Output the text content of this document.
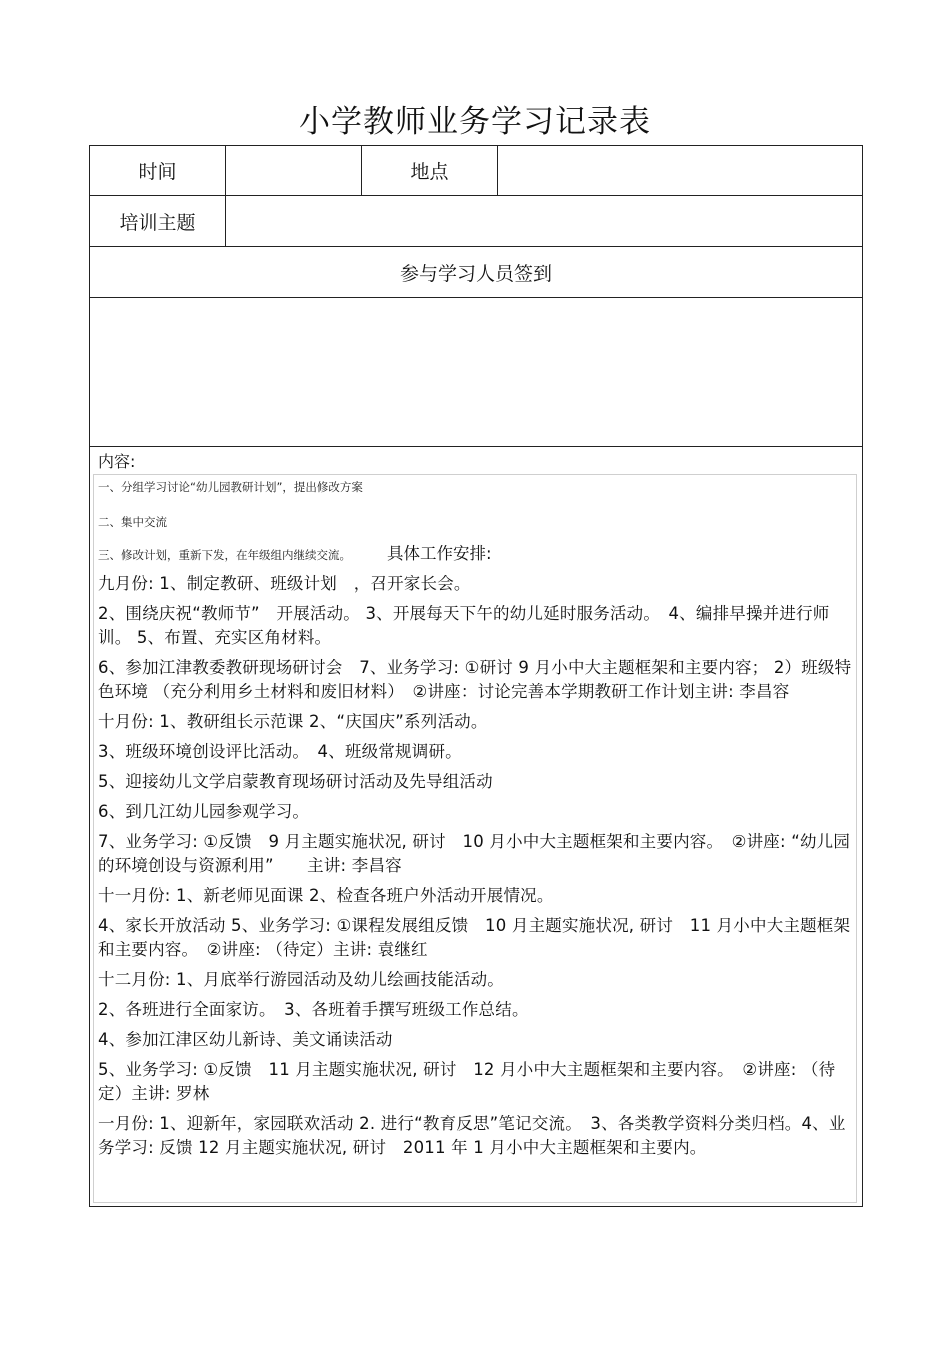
小学教师业务学习记录表
时间	地点
培训主题
参与学习人员签到
内容:

一、分组学习讨论“幼儿园教研计划”，提出修改方案

二、集中交流

三、修改计划，重新下发，在年级组内继续交流。 具体工作安排:

九月份: 1、制定教研、班级计划　，召开家长会。

2、围绕庆祝“教师节”　开展活动。 3、开展每天下午的幼儿延时服务活动。　4、编排早操并进行师训。 5、布置、充实区角材料。

6、参加江津教委教研现场研讨会　7、业务学习: ①研讨 9 月小中大主题框架和主要内容； 2）班级特色环境 （充分利用乡土材料和废旧材料）　②讲座：讨论完善本学期教研工作计划主讲: 李昌容

十月份: 1、教研组长示范课 2、“庆国庆”系列活动。

3、班级环境创设评比活动。　4、班级常规调研。

5、迎接幼儿文学启蒙教育现场研讨活动及先导组活动

6、到几江幼儿园参观学习。

7、业务学习: ①反馈　9 月主题实施状况, 研讨　10 月小中大主题框架和主要内容。　②讲座: “幼儿园的环境创设与资源利用”　　主讲: 李昌容

十一月份: 1、新老师见面课 2、检查各班户外活动开展情况。

4、家长开放活动 5、业务学习: ①课程发展组反馈　10 月主题实施状况, 研讨　11 月小中大主题框架和主要内容。　②讲座: （待定）主讲: 袁继红

十二月份: 1、月底举行游园活动及幼儿绘画技能活动。

2、各班进行全面家访。　3、各班着手撰写班级工作总结。

4、参加江津区幼儿新诗、美文诵读活动

5、业务学习: ①反馈　11 月主题实施状况, 研讨　12 月小中大主题框架和主要内容。　②讲座: （待定）主讲: 罗林

一月份: 1、迎新年，家园联欢活动 2. 进行“教育反思”笔记交流。　3、各类教学资料分类归档。4、业务学习: 反馈 12 月主题实施状况, 研讨　2011 年 1 月小中大主题框架和主要内。
